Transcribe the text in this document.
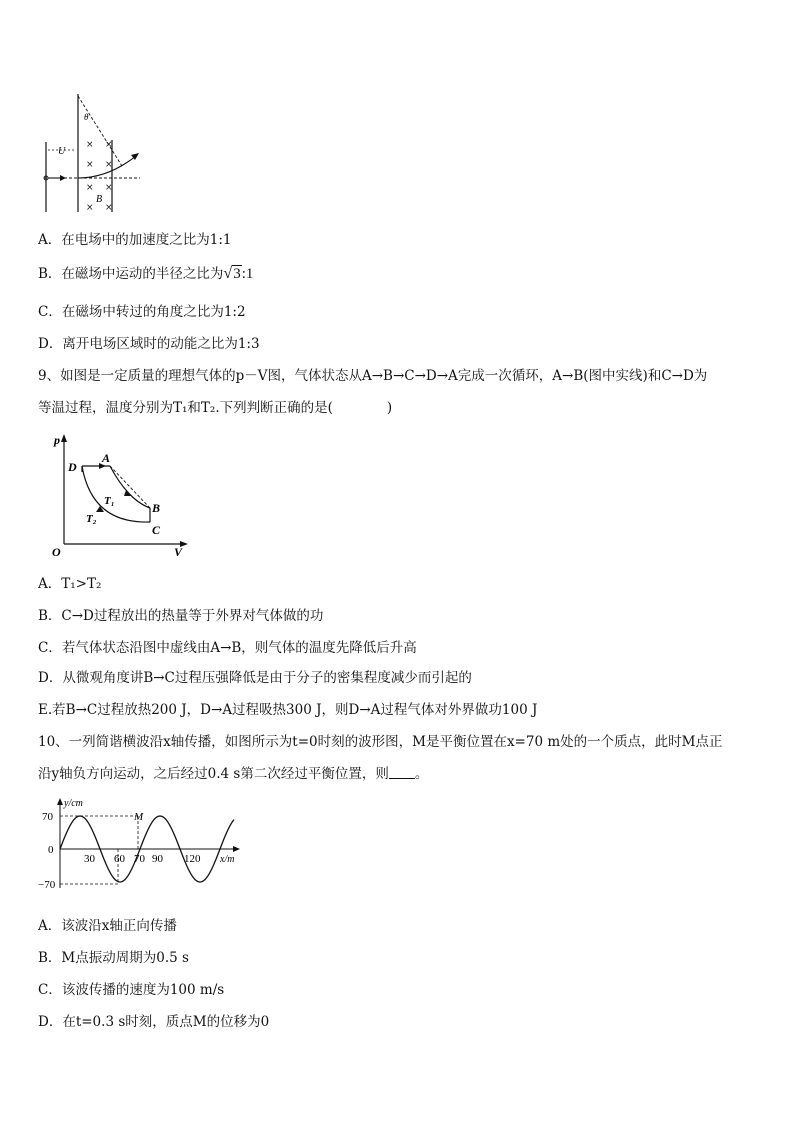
× ×
× ×
× ×
× ×
U
θ
B
A．在电场中的加速度之比为1:1
B．在磁场中运动的半径之比为√3:1
C．在磁场中转过的角度之比为1:2
D．离开电场区域时的动能之比为1:3
9、如图是一定质量的理想气体的p－V图，气体状态从A→B→C→D→A完成一次循环，A→B(图中实线)和C→D为
等温过程，温度分别为T₁和T₂.下列判断正确的是(　　　　)
p
V
O
A
B
C
D
T₁
T₂
A．T₁>T₂
B．C→D过程放出的热量等于外界对气体做的功
C．若气体状态沿图中虚线由A→B，则气体的温度先降低后升高
D．从微观角度讲B→C过程压强降低是由于分子的密集程度减少而引起的
E.若B→C过程放热200 J，D→A过程吸热300 J，则D→A过程气体对外界做功100 J
10、一列简谐横波沿x轴传播，如图所示为t=0时刻的波形图，M是平衡位置在x=70 m处的一个质点，此时M点正
沿y轴负方向运动，之后经过0.4 s第二次经过平衡位置，则 。
y/cm
x/m
M
70
0
−70
30 60 70 90 120
A．该波沿x轴正向传播
B．M点振动周期为0.5 s
C．该波传播的速度为100 m/s
D．在t=0.3 s时刻，质点M的位移为0
